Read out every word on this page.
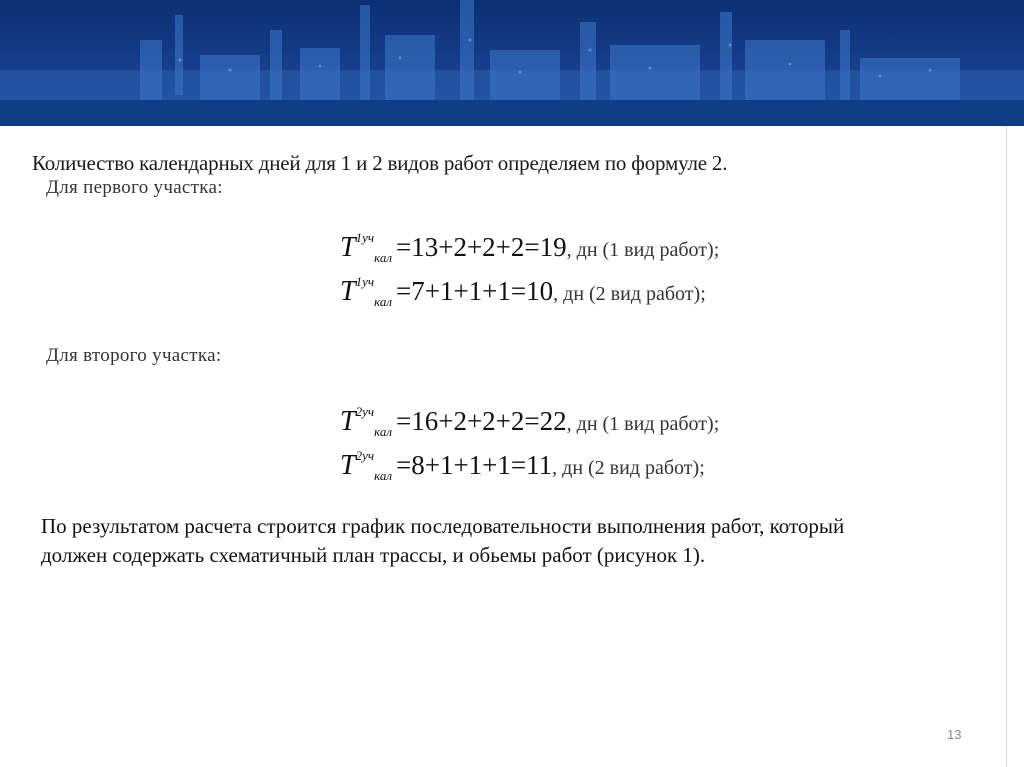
Количество календарных дней для 1 и 2 видов работ определяем по формуле 2.
Для первого участка:
$T^{1уч}_{кал} =13+2+2+2=19$, дн (1 вид работ);
$T^{1уч}_{кал} =7+1+1+1=10$, дн (2 вид работ);
Для второго участка:
$T^{2уч}_{кал} =16+2+2+2=22$, дн (1 вид работ);
$T^{2уч}_{кал} =8+1+1+1=11$, дн (2 вид работ);
По результатом расчета строится график последовательности выполнения работ, который должен содержать схематичный план трассы, и обьемы работ (рисунок 1).
13
